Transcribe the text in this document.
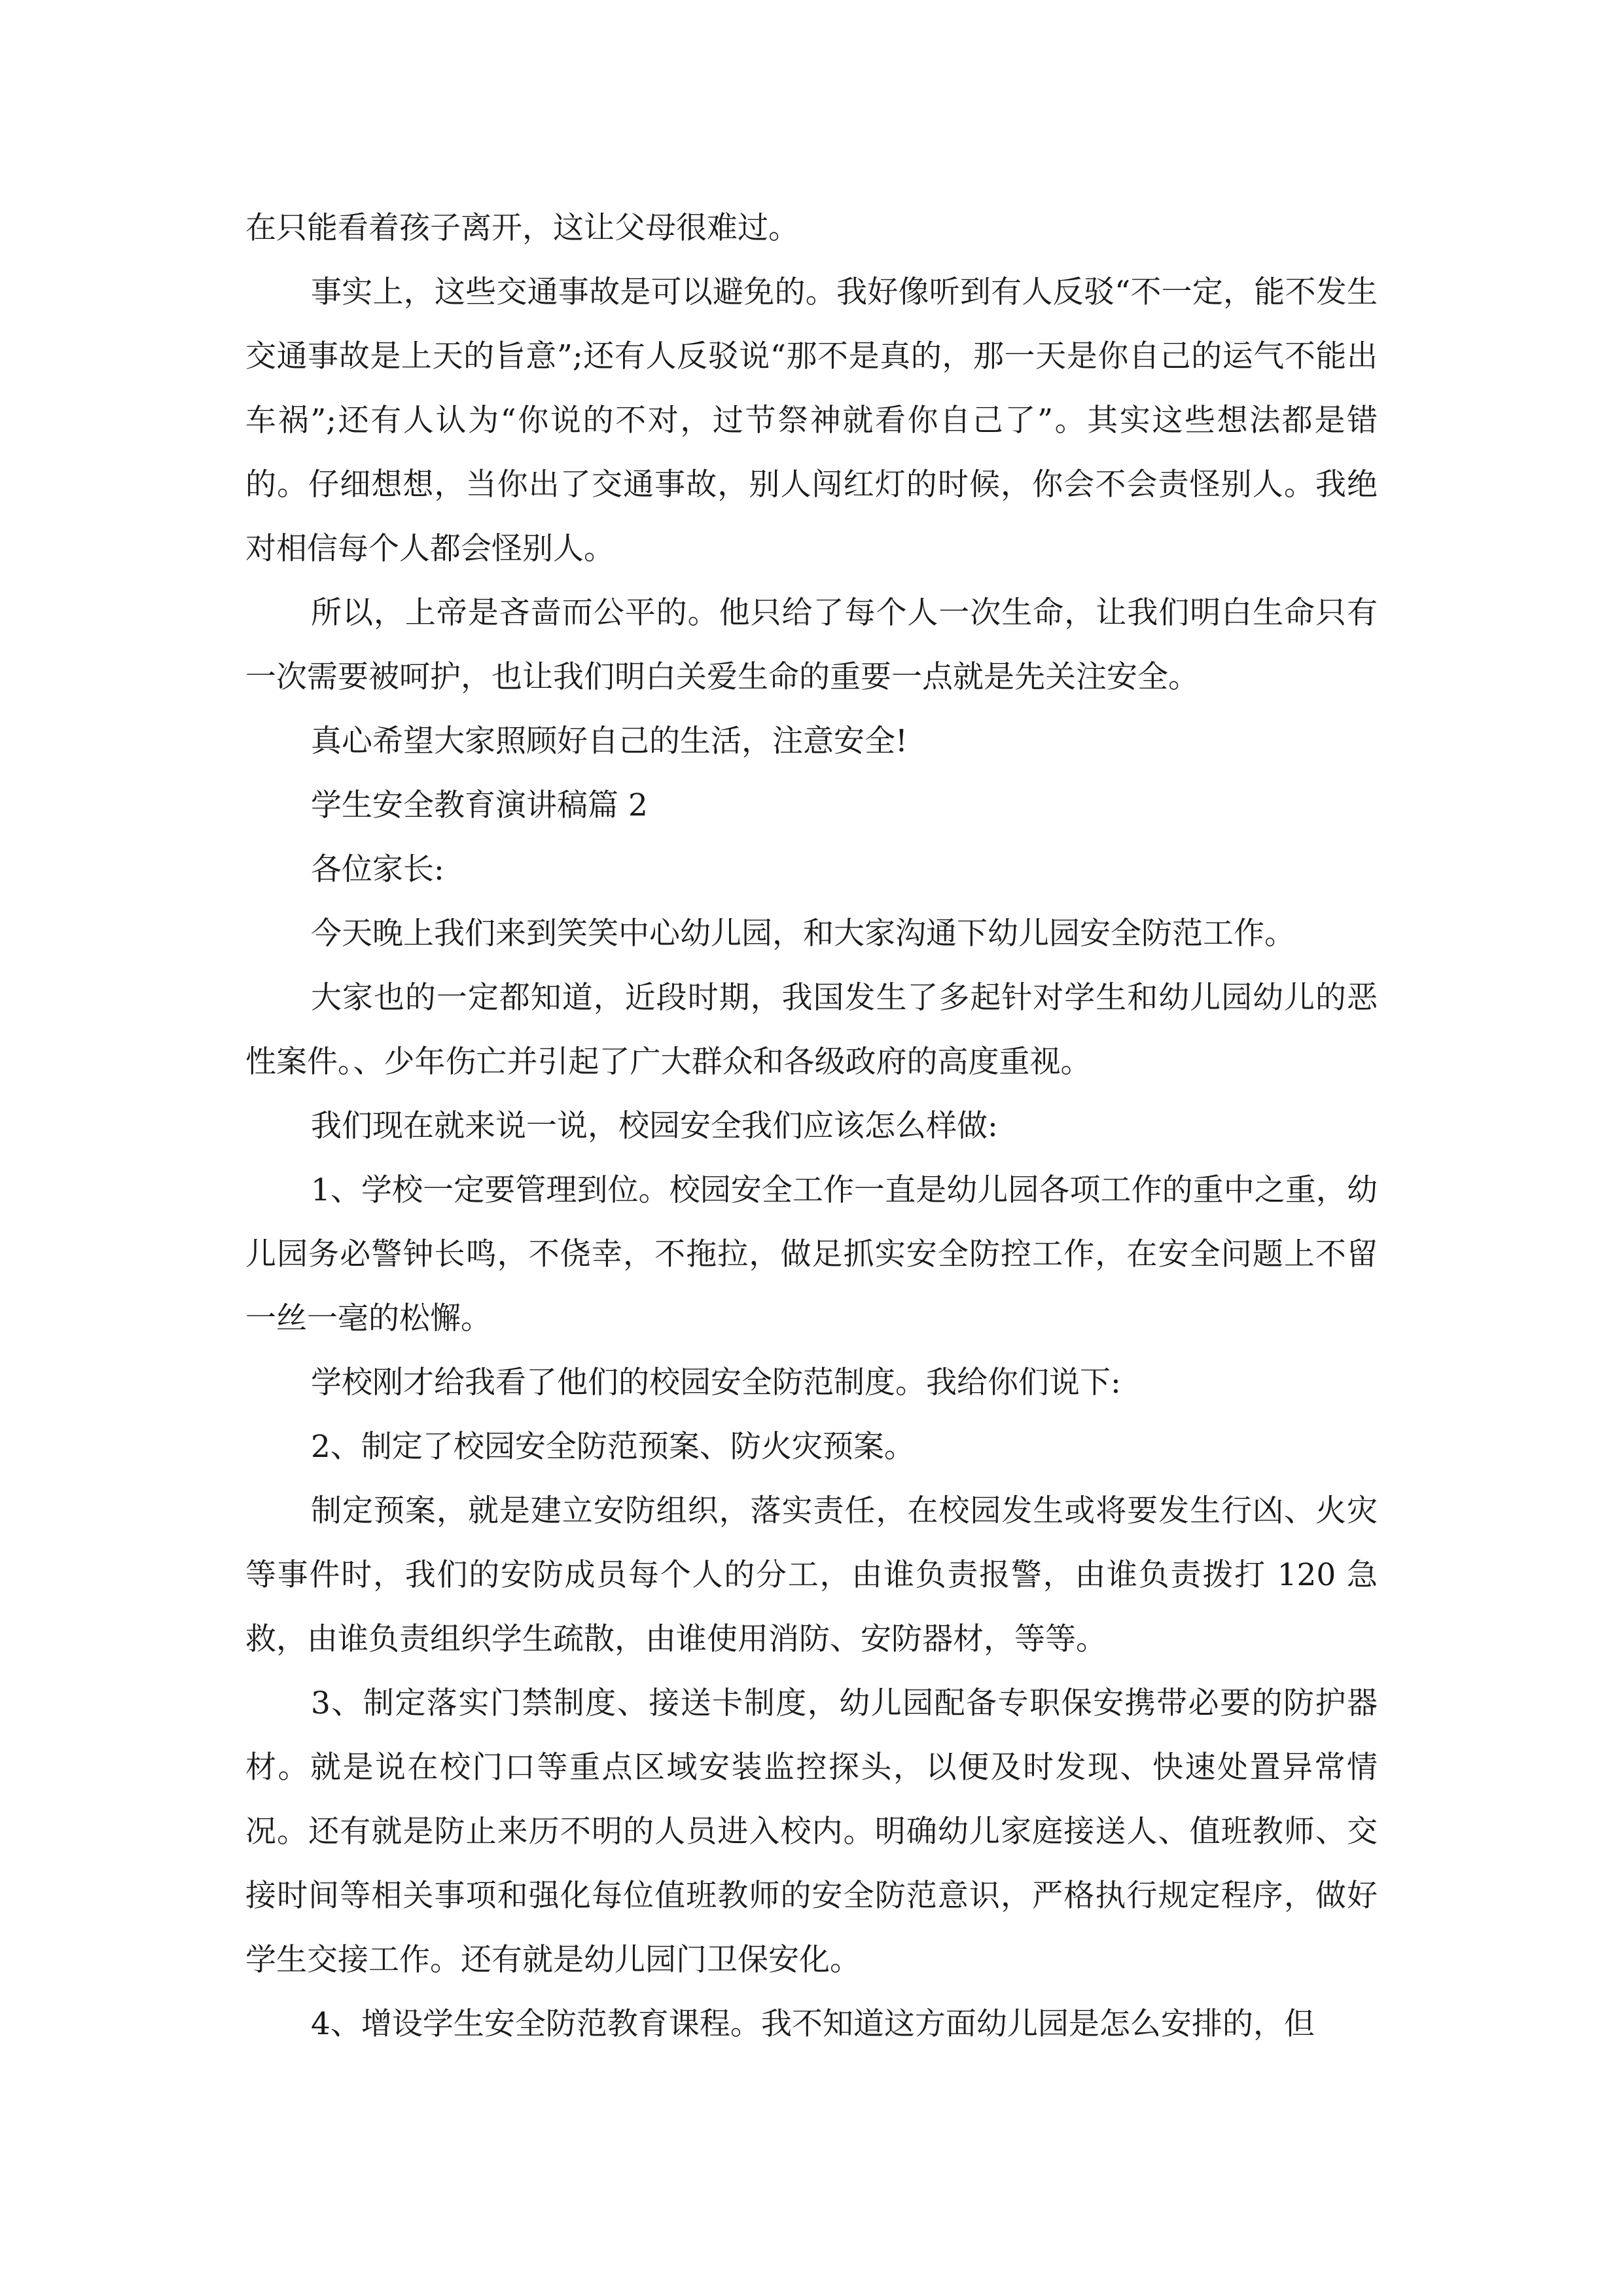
在只能看着孩子离开，这让父母很难过。

事实上，这些交通事故是可以避免的。我好像听到有人反驳“不一定，能不发生交通事故是上天的旨意”;还有人反驳说“那不是真的，那一天是你自己的运气不能出车祸”;还有人认为“你说的不对，过节祭神就看你自己了”。其实这些想法都是错的。仔细想想，当你出了交通事故，别人闯红灯的时候，你会不会责怪别人。我绝对相信每个人都会怪别人。

所以，上帝是吝啬而公平的。他只给了每个人一次生命，让我们明白生命只有一次需要被呵护，也让我们明白关爱生命的重要一点就是先关注安全。

真心希望大家照顾好自己的生活，注意安全!

学生安全教育演讲稿篇 2

各位家长:

今天晚上我们来到笑笑中心幼儿园，和大家沟通下幼儿园安全防范工作。

大家也的一定都知道，近段时期，我国发生了多起针对学生和幼儿园幼儿的恶性案件。、少年伤亡并引起了广大群众和各级政府的高度重视。

我们现在就来说一说，校园安全我们应该怎么样做:

1、学校一定要管理到位。校园安全工作一直是幼儿园各项工作的重中之重，幼儿园务必警钟长鸣，不侥幸，不拖拉，做足抓实安全防控工作，在安全问题上不留一丝一毫的松懈。

学校刚才给我看了他们的校园安全防范制度。我给你们说下:

2、制定了校园安全防范预案、防火灾预案。

制定预案，就是建立安防组织，落实责任，在校园发生或将要发生行凶、火灾等事件时，我们的安防成员每个人的分工，由谁负责报警，由谁负责拨打 120 急救，由谁负责组织学生疏散，由谁使用消防、安防器材，等等。

3、制定落实门禁制度、接送卡制度，幼儿园配备专职保安携带必要的防护器材。就是说在校门口等重点区域安装监控探头，以便及时发现、快速处置异常情况。还有就是防止来历不明的人员进入校内。明确幼儿家庭接送人、值班教师、交接时间等相关事项和强化每位值班教师的安全防范意识，严格执行规定程序，做好学生交接工作。还有就是幼儿园门卫保安化。

4、增设学生安全防范教育课程。我不知道这方面幼儿园是怎么安排的，但
